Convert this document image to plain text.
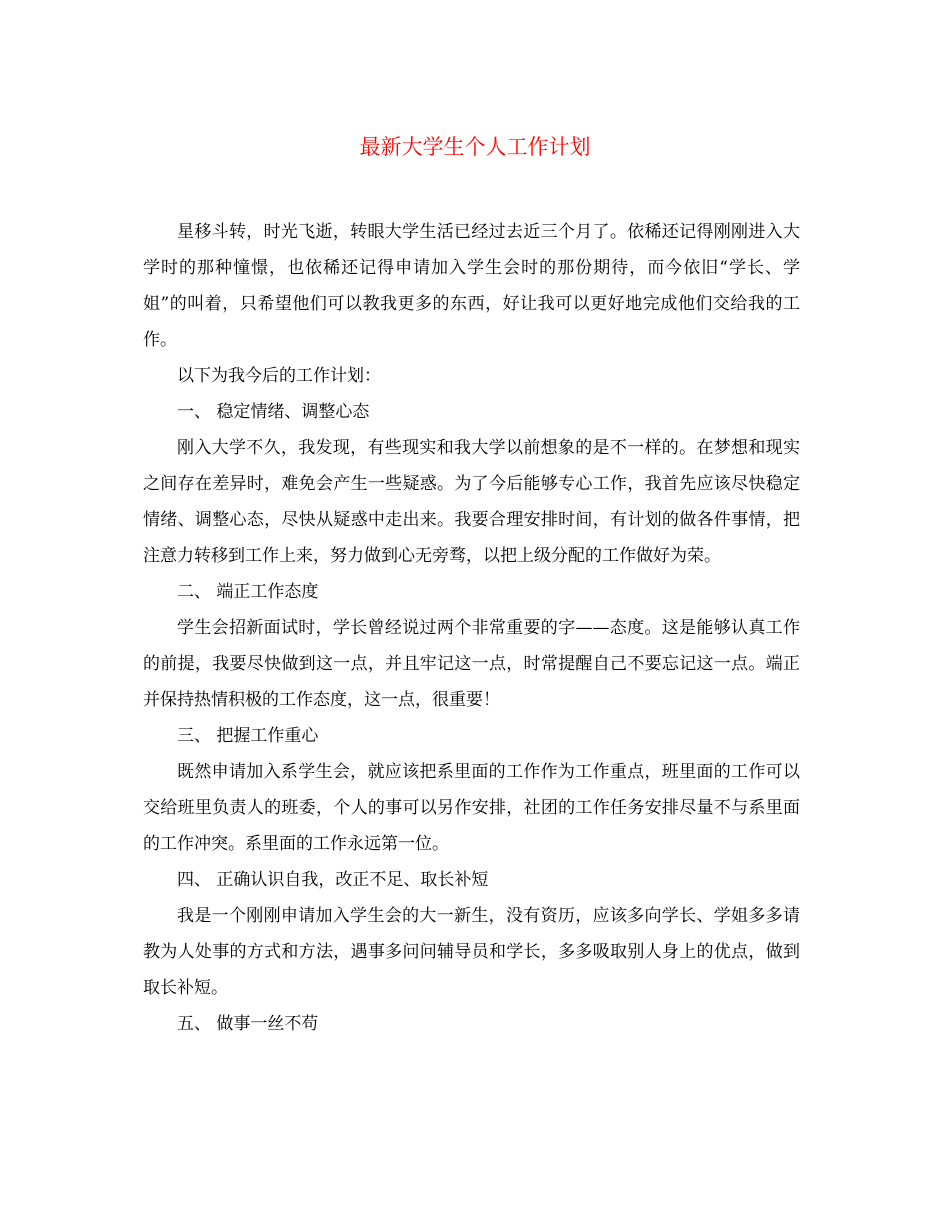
最新大学生个人工作计划

星移斗转，时光飞逝，转眼大学生活已经过去近三个月了。依稀还记得刚刚进入大学时的那种憧憬，也依稀还记得申请加入学生会时的那份期待，而今依旧“学长、学姐”的叫着，只希望他们可以教我更多的东西，好让我可以更好地完成他们交给我的工作。

以下为我今后的工作计划：

一、 稳定情绪、调整心态

刚入大学不久，我发现，有些现实和我大学以前想象的是不一样的。在梦想和现实之间存在差异时，难免会产生一些疑惑。为了今后能够专心工作，我首先应该尽快稳定情绪、调整心态，尽快从疑惑中走出来。我要合理安排时间，有计划的做各件事情，把注意力转移到工作上来，努力做到心无旁骛，以把上级分配的工作做好为荣。

二、 端正工作态度

学生会招新面试时，学长曾经说过两个非常重要的字——态度。这是能够认真工作的前提，我要尽快做到这一点，并且牢记这一点，时常提醒自己不要忘记这一点。端正并保持热情积极的工作态度，这一点，很重要！

三、 把握工作重心

既然申请加入系学生会，就应该把系里面的工作作为工作重点，班里面的工作可以交给班里负责人的班委，个人的事可以另作安排，社团的工作任务安排尽量不与系里面的工作冲突。系里面的工作永远第一位。

四、 正确认识自我，改正不足、取长补短

我是一个刚刚申请加入学生会的大一新生，没有资历，应该多向学长、学姐多多请教为人处事的方式和方法，遇事多问问辅导员和学长，多多吸取别人身上的优点，做到取长补短。

五、 做事一丝不苟
